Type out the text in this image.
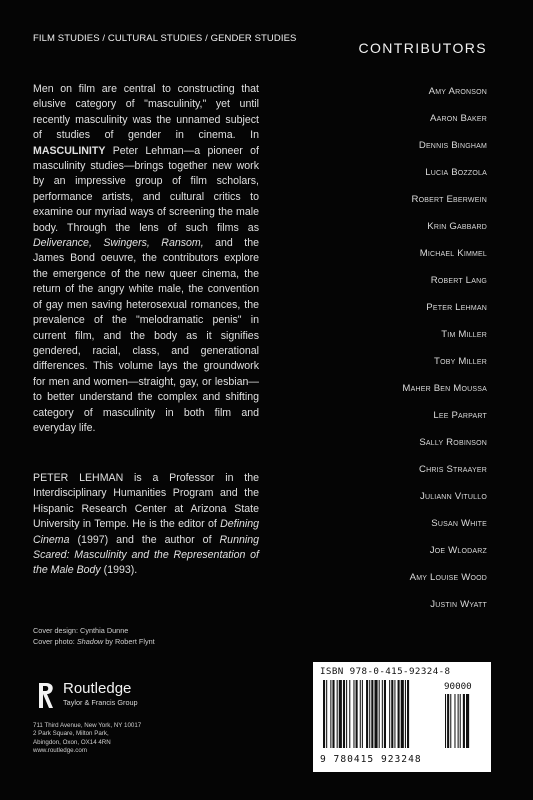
FILM STUDIES / CULTURAL STUDIES / GENDER STUDIES
CONTRIBUTORS
Men on film are central to constructing that elusive category of "masculinity," yet until recently masculinity was the unnamed subject of studies of gender in cinema. In MASCULINITY Peter Lehman—a pioneer of masculinity studies—brings together new work by an impressive group of film scholars, performance artists, and cultural critics to examine our myriad ways of screening the male body. Through the lens of such films as Deliverance, Swingers, Ransom, and the James Bond oeuvre, the contributors explore the emergence of the new queer cinema, the return of the angry white male, the convention of gay men saving heterosexual romances, the prevalence of the "melodramatic penis" in current film, and the body as it signifies gendered, racial, class, and generational differences. This volume lays the groundwork for men and women—straight, gay, or lesbian—to better understand the complex and shifting category of masculinity in both film and everyday life.
PETER LEHMAN is a Professor in the Interdisciplinary Humanities Program and the Hispanic Research Center at Arizona State University in Tempe. He is the editor of Defining Cinema (1997) and the author of Running Scared: Masculinity and the Representation of the Male Body (1993).
Amy Aronson
Aaron Baker
Dennis Bingham
Lucia Bozzola
Robert Eberwein
Krin Gabbard
Michael Kimmel
Robert Lang
Peter Lehman
Tim Miller
Toby Miller
Maher Ben Moussa
Lee Parpart
Sally Robinson
Chris Straayer
Juliann Vitullo
Susan White
Joe Wlodarz
Amy Louise Wood
Justin Wyatt
Cover design: Cynthia Dunne
Cover photo: Shadow by Robert Flynt
Routledge
Taylor & Francis Group
711 Third Avenue, New York, NY 10017
2 Park Square, Milton Park,
Abingdon, Oxon, OX14 4RN
www.routledge.com
ISBN 978-0-415-92324-8
90000
9 780415 923248
